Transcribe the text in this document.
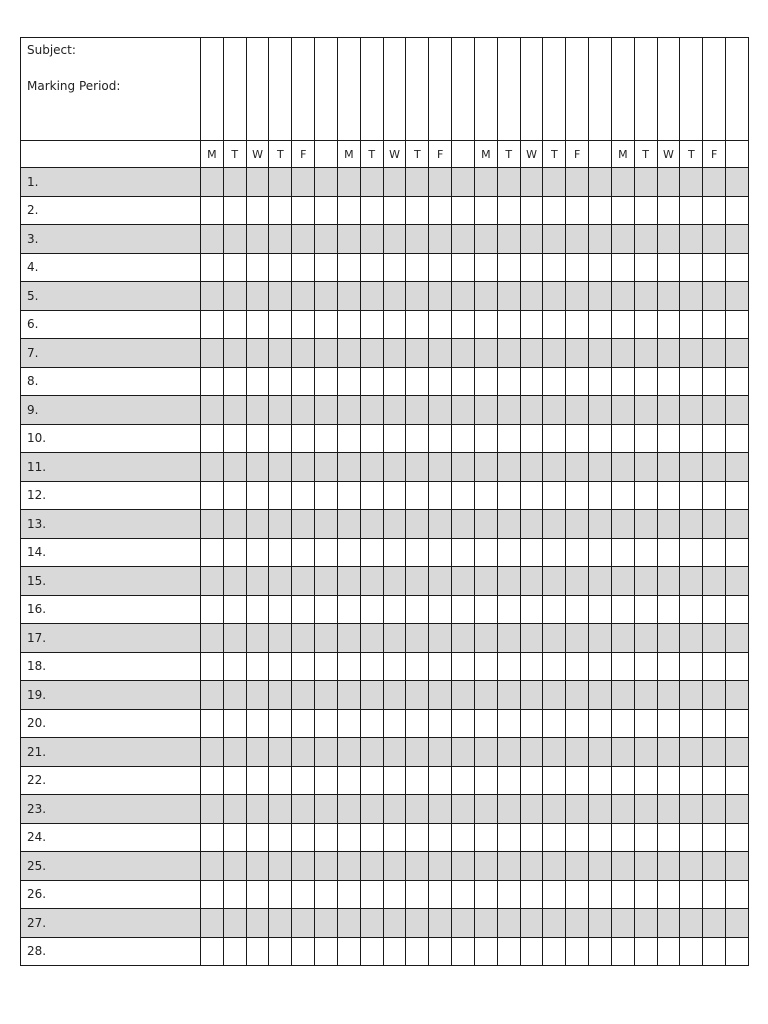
Subject:
Marking Period:																								

	M	T	W	T	F		M	T	W	T	F		M	T	W	T	F		M	T	W	T	F	
1.																								
2.																								
3.																								
4.																								
5.																								
6.																								
7.																								
8.																								
9.																								
10.																								
11.																								
12.																								
13.																								
14.																								
15.																								
16.																								
17.																								
18.																								
19.																								
20.																								
21.																								
22.																								
23.																								
24.																								
25.																								
26.																								
27.																								
28.																								
